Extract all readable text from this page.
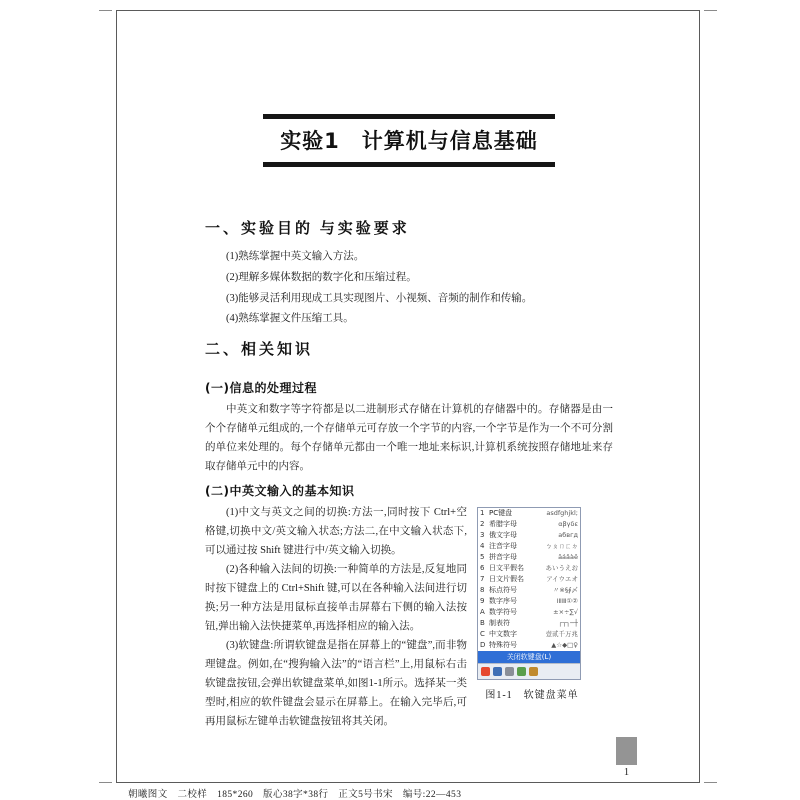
实验1　计算机与信息基础
一、实验目的 与实验要求
(1)熟练掌握中英文输入方法。
(2)理解多媒体数据的数字化和压缩过程。
(3)能够灵活利用现成工具实现图片、小视频、音频的制作和传输。
(4)熟练掌握文件压缩工具。
二、相关知识
(一)信息的处理过程

中英文和数字等字符都是以二进制形式存储在计算机的存储器中的。存储器是由一个个存储单元组成的,一个存储单元可存放一个字节的内容,一个字节是作为一个不可分割的单位来处理的。每个存储单元都由一个唯一地址来标识,计算机系统按照存储地址来存取存储单元中的内容。

(二)中英文输入的基本知识
1 PC键盘	asdfghjkl;
2 希腊字母	αβγδε
3 俄文字母	абвгд
4 注音字母	ㄅㄆㄇㄈㄉ
5 拼音字母	āáǎàē
6 日文平假名	あいうえお
7 日文片假名	アイウエオ
8 标点符号	〃※§∮〆
9 数字序号	ⅠⅡⅢ①②
A 数学符号	±×÷∑√
B 制表符	┌┬┐─┼
C 中文数字	壹贰千万兆
D 特殊符号	▲☆◆□♀
关闭软键盘(L)
图1-1　软键盘菜单

(1)中文与英文之间的切换:方法一,同时按下 Ctrl+空格键,切换中文/英文输入状态;方法二,在中文输入状态下,可以通过按 Shift 键进行中/英文输入切换。

(2)各种输入法间的切换:一种简单的方法是,反复地同时按下键盘上的 Ctrl+Shift 键,可以在各种输入法间进行切换;另一种方法是用鼠标直接单击屏幕右下侧的输入法按钮,弹出输入法快捷菜单,再选择相应的输入法。

(3)软键盘:所谓软键盘是指在屏幕上的“键盘”,而非物理键盘。例如,在“搜狗输入法”的“语言栏”上,用鼠标右击软键盘按钮,会弹出软键盘菜单,如图1-1所示。选择某一类型时,相应的软件键盘会显示在屏幕上。在输入完毕后,可再用鼠标左键单击软键盘按钮将其关闭。

1
朝曦图文　二校样　185*260　版心38字*38行　正文5号书宋　编号:22—453
